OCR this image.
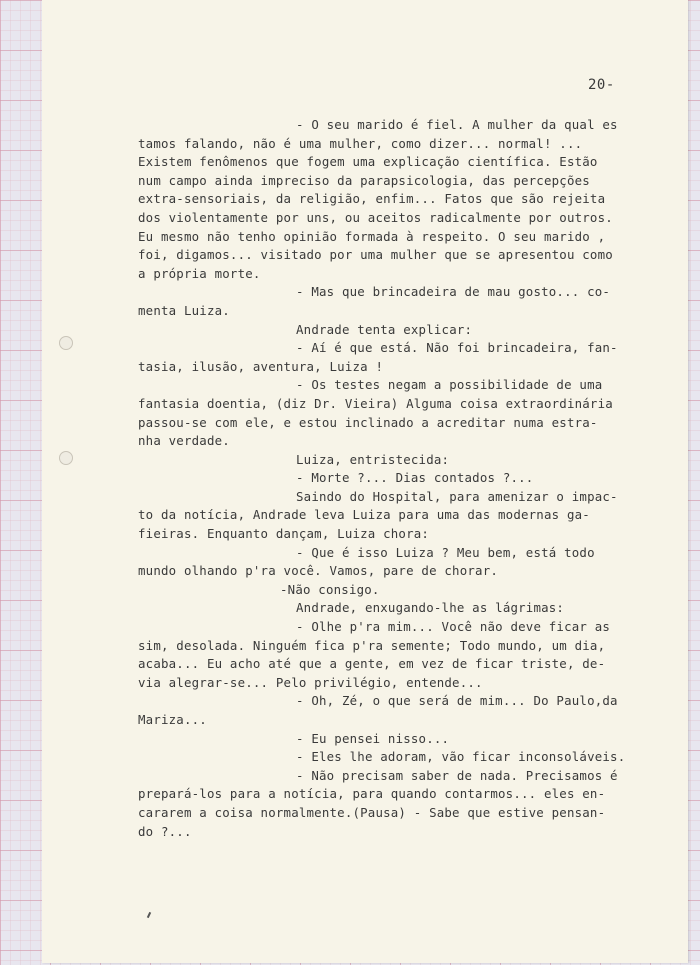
20-
- O seu marido é fiel. A mulher da qual es
tamos falando, não é uma mulher, como dizer... normal! ...
Existem fenômenos que fogem uma explicação científica. Estão
num campo ainda impreciso da parapsicologia, das percepções
extra-sensoriais, da religião, enfim... Fatos que são rejeita
dos violentamente por uns, ou aceitos radicalmente por outros.
Eu mesmo não tenho opinião formada à respeito. O seu marido ,
foi, digamos... visitado por uma mulher que se apresentou como
a própria morte.
- Mas que brincadeira de mau gosto... co-
menta Luiza.
Andrade tenta explicar:
- Aí é que está. Não foi brincadeira, fan-
tasia, ilusão, aventura, Luiza !
- Os testes negam a possibilidade de uma
fantasia doentia, (diz Dr. Vieira) Alguma coisa extraordinária
passou-se com ele, e estou inclinado a acreditar numa estra-
nha verdade.
Luiza, entristecida:
- Morte ?... Dias contados ?...
Saindo do Hospital, para amenizar o impac-
to da notícia, Andrade leva Luiza para uma das modernas ga-
fieiras. Enquanto dançam, Luiza chora:
- Que é isso Luiza ? Meu bem, está todo
mundo olhando p'ra você. Vamos, pare de chorar.
-Não consigo.
Andrade, enxugando-lhe as lágrimas:
- Olhe p'ra mim... Você não deve ficar as
sim, desolada. Ninguém fica p'ra semente; Todo mundo, um dia,
acaba... Eu acho até que a gente, em vez de ficar triste, de-
via alegrar-se... Pelo privilégio, entende...
- Oh, Zé, o que será de mim... Do Paulo,da
Mariza...
- Eu pensei nisso...
- Eles lhe adoram, vão ficar inconsoláveis.
- Não precisam saber de nada. Precisamos é
prepará-los para a notícia, para quando contarmos... eles en-
cararem a coisa normalmente.(Pausa) - Sabe que estive pensan-
do ?...
